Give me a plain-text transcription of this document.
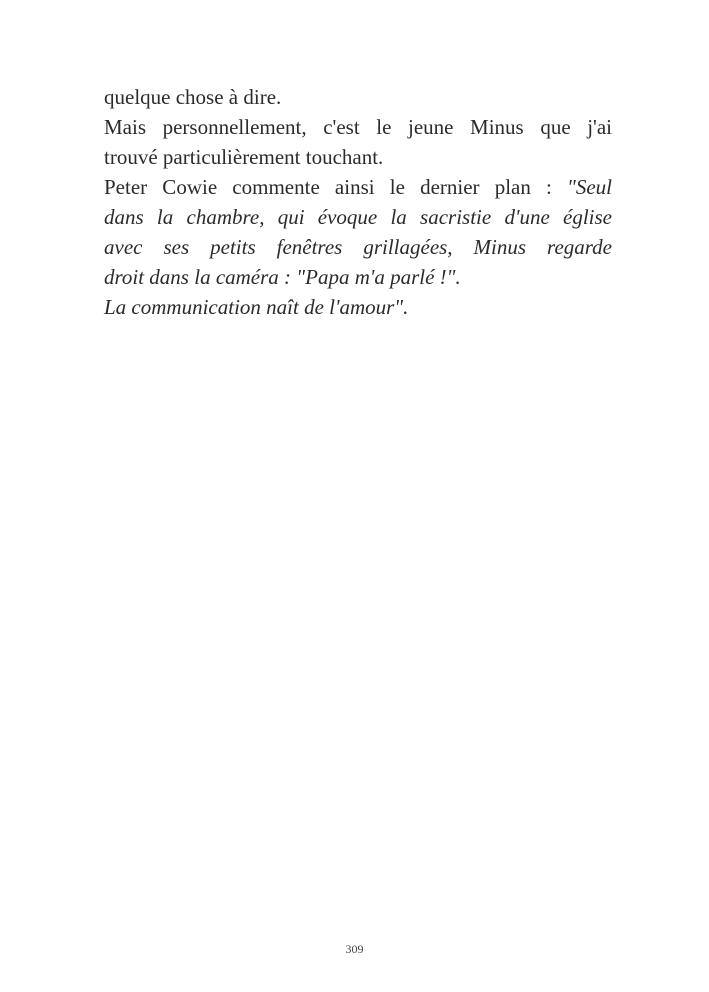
quelque chose à dire.

Mais personnellement, c'est le jeune Minus que j'ai
trouvé particulièrement touchant.

Peter Cowie commente ainsi le dernier plan : "Seul
dans la chambre, qui évoque la sacristie d'une église
avec ses petits fenêtres grillagées, Minus regarde
droit dans la caméra : "Papa m'a parlé !".
La communication naît de l'amour".

309
